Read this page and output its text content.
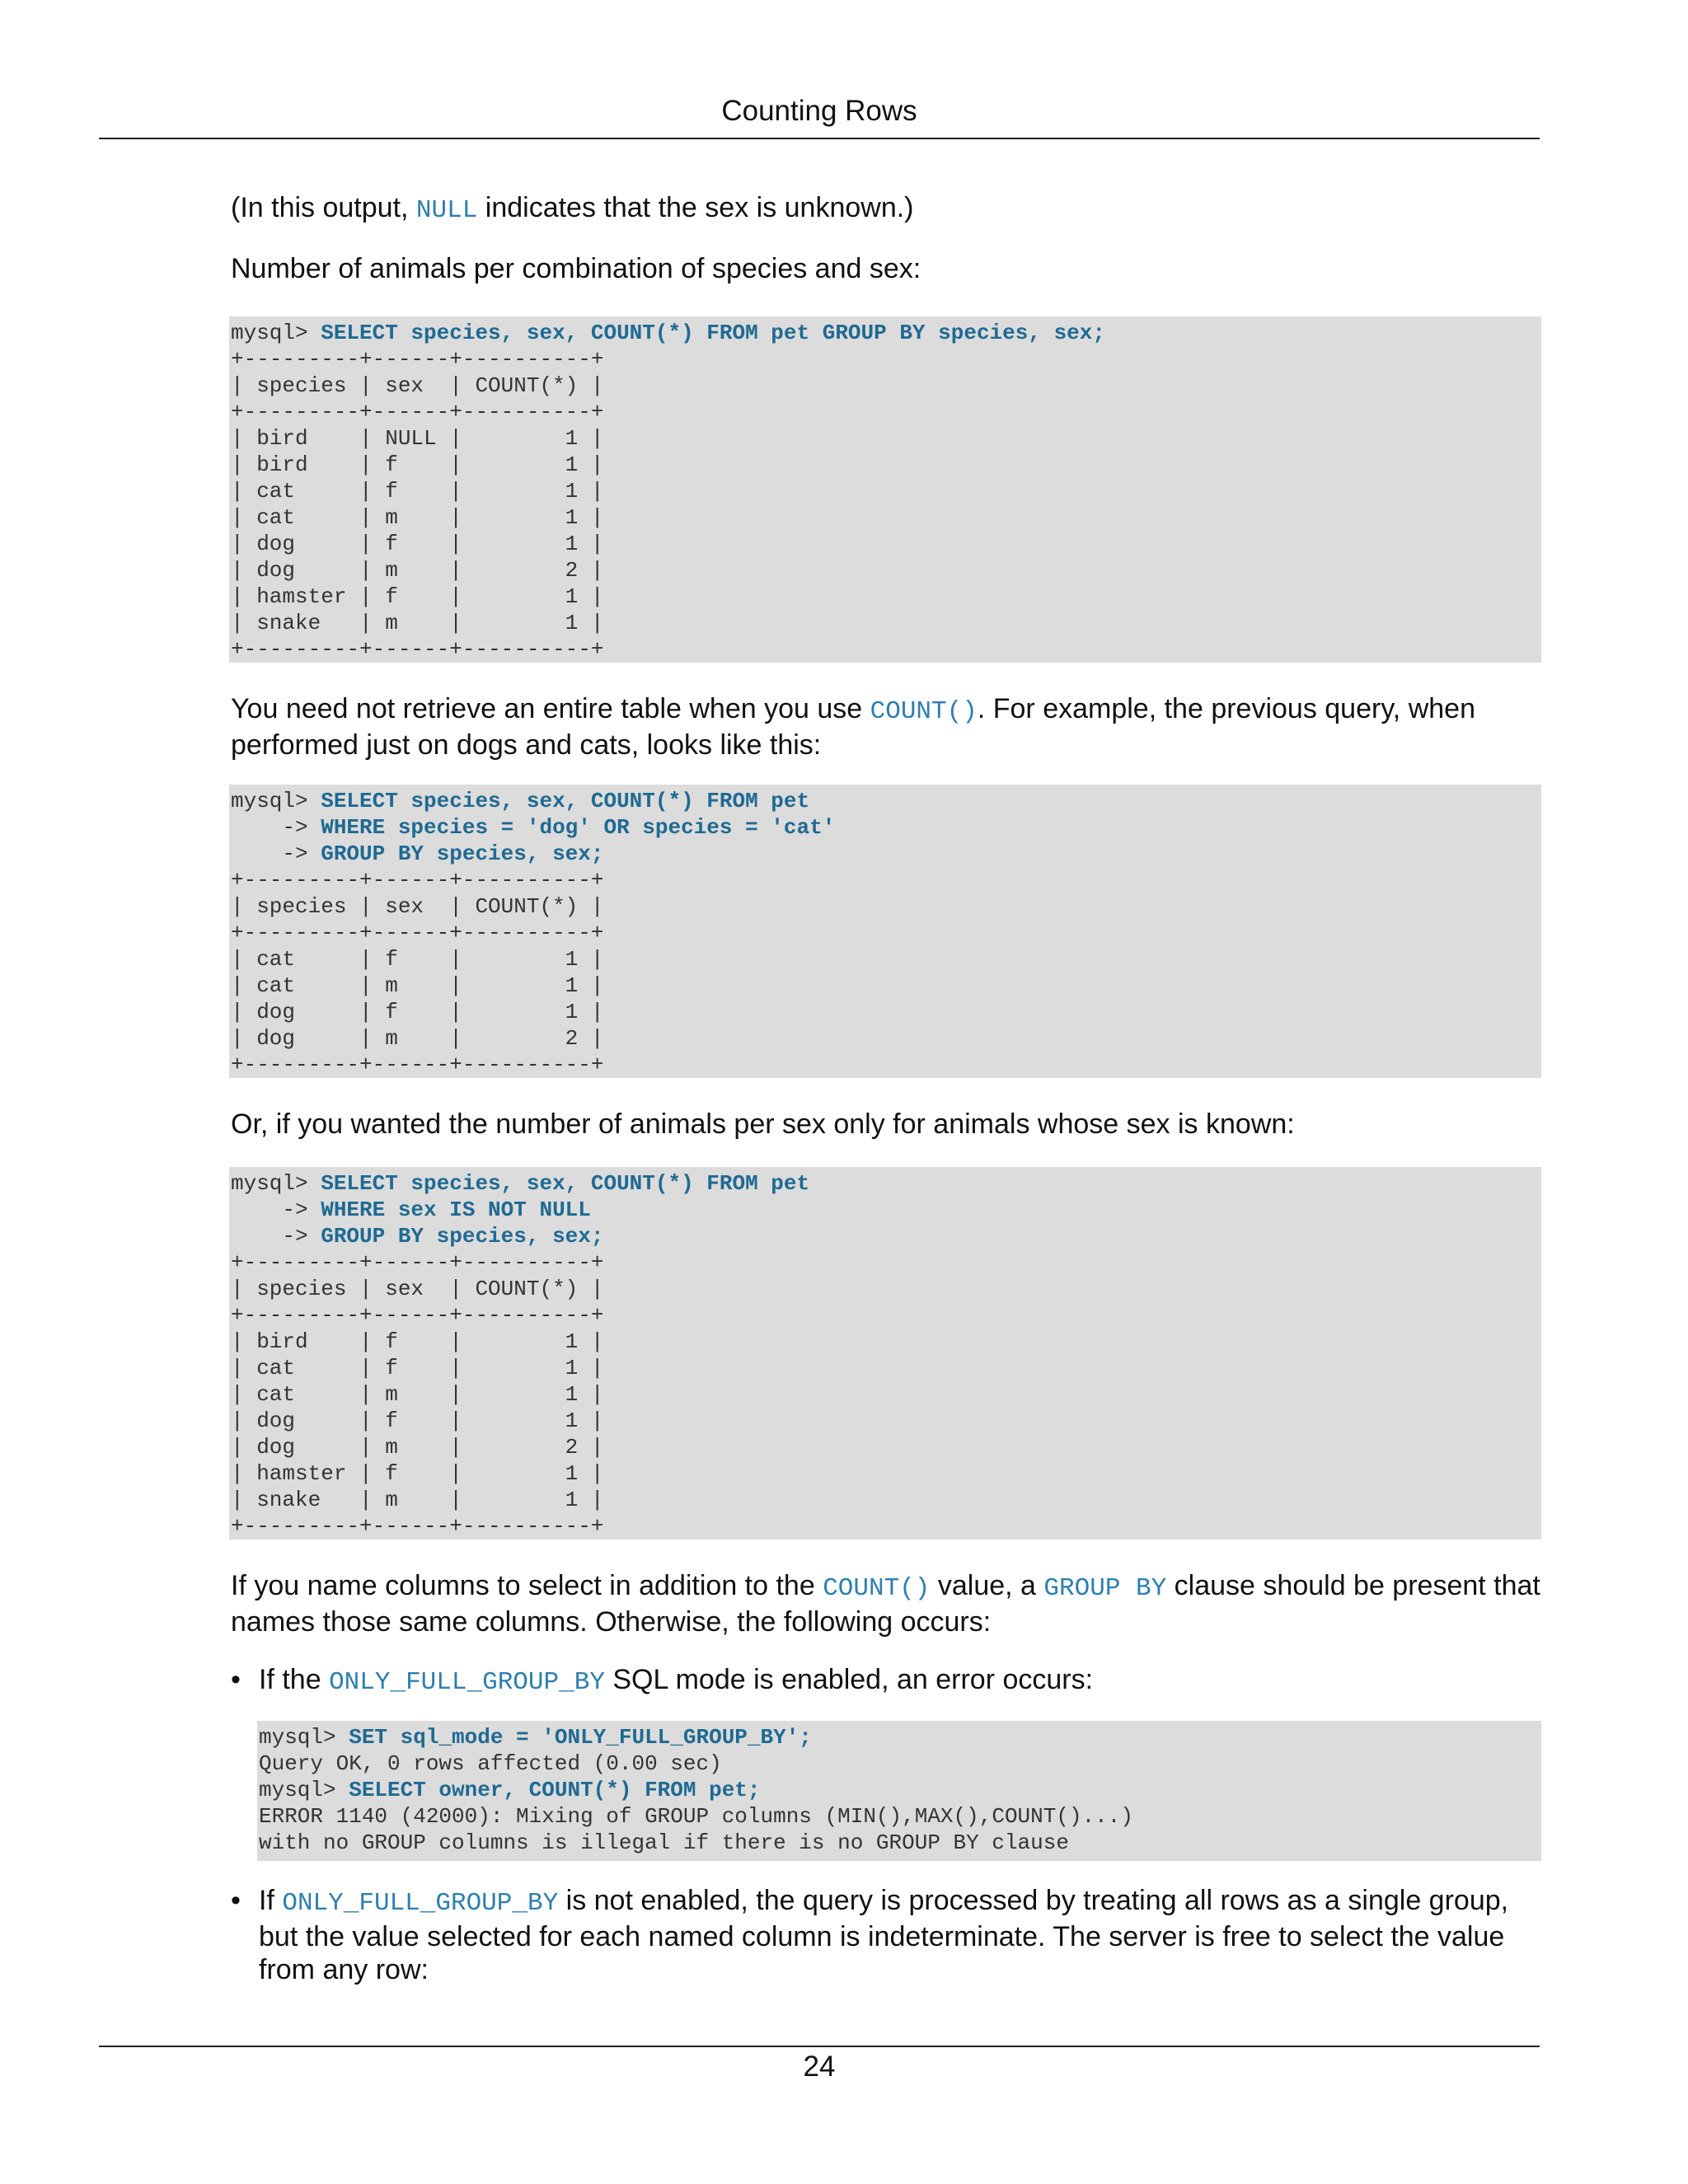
Counting Rows

(In this output, NULL indicates that the sex is unknown.)

Number of animals per combination of species and sex:

mysql> SELECT species, sex, COUNT(*) FROM pet GROUP BY species, sex;
+---------+------+----------+
| species | sex  | COUNT(*) |
+---------+------+----------+
| bird    | NULL |        1 |
| bird    | f    |        1 |
| cat     | f    |        1 |
| cat     | m    |        1 |
| dog     | f    |        1 |
| dog     | m    |        2 |
| hamster | f    |        1 |
| snake   | m    |        1 |
+---------+------+----------+

You need not retrieve an entire table when you use COUNT(). For example, the previous query, when performed just on dogs and cats, looks like this:

mysql> SELECT species, sex, COUNT(*) FROM pet
-> WHERE species = 'dog' OR species = 'cat'
-> GROUP BY species, sex;
+---------+------+----------+
| species | sex  | COUNT(*) |
+---------+------+----------+
| cat     | f    |        1 |
| cat     | m    |        1 |
| dog     | f    |        1 |
| dog     | m    |        2 |
+---------+------+----------+

Or, if you wanted the number of animals per sex only for animals whose sex is known:

mysql> SELECT species, sex, COUNT(*) FROM pet
-> WHERE sex IS NOT NULL
-> GROUP BY species, sex;
+---------+------+----------+
| species | sex  | COUNT(*) |
+---------+------+----------+
| bird    | f    |        1 |
| cat     | f    |        1 |
| cat     | m    |        1 |
| dog     | f    |        1 |
| dog     | m    |        2 |
| hamster | f    |        1 |
| snake   | m    |        1 |
+---------+------+----------+

If you name columns to select in addition to the COUNT() value, a GROUP BY clause should be present that names those same columns. Otherwise, the following occurs:

• If the ONLY_FULL_GROUP_BY SQL mode is enabled, an error occurs:

mysql> SET sql_mode = 'ONLY_FULL_GROUP_BY';
Query OK, 0 rows affected (0.00 sec)
mysql> SELECT owner, COUNT(*) FROM pet;
ERROR 1140 (42000): Mixing of GROUP columns (MIN(),MAX(),COUNT()...)
with no GROUP columns is illegal if there is no GROUP BY clause
• If ONLY_FULL_GROUP_BY is not enabled, the query is processed by treating all rows as a single group, but the value selected for each named column is indeterminate. The server is free to select the value from any row:

24
